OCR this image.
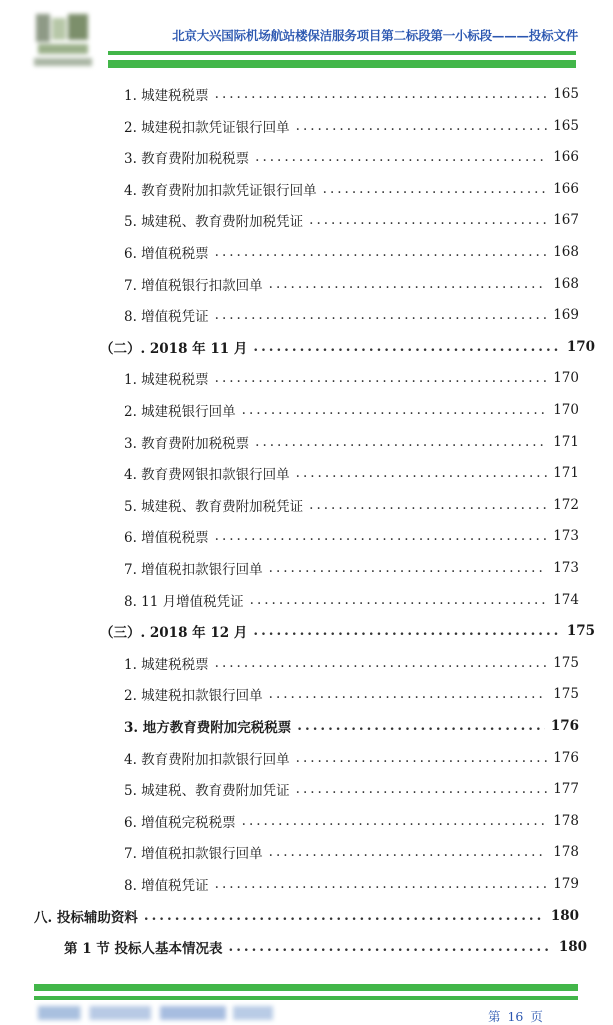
北京大兴国际机场航站楼保洁服务项目第二标段第一小标段———投标文件
1. 城建税税票 .....	165
2. 城建税扣款凭证银行回单 .....	165
3. 教育费附加税税票 .....	166
4. 教育费附加扣款凭证银行回单 .....	166
5. 城建税、教育费附加税凭证 .....	167
6. 增值税税票 .....	168
7. 增值税银行扣款回单 .....	168
8. 增值税凭证 .....	169
（二）. 2018 年 11 月 .....	170
1. 城建税税票 .....	170
2. 城建税银行回单 .....	170
3. 教育费附加税税票 .....	171
4. 教育费网银扣款银行回单 .....	171
5. 城建税、教育费附加税凭证 .....	172
6. 增值税税票 .....	173
7. 增值税扣款银行回单 .....	173
8. 11 月增值税凭证 .....	174
（三）. 2018 年 12 月 .....	175
1. 城建税税票 .....	175
2. 城建税扣款银行回单 .....	175
3. 地方教育费附加完税税票 .....	176
4. 教育费附加扣款银行回单 .....	176
5. 城建税、教育费附加凭证 .....	177
6. 增值税完税税票 .....	178
7. 增值税扣款银行回单 .....	178
8. 增值税凭证 .....	179
八. 投标辅助资料 .....	180
第 1 节 投标人基本情况表 .....	180
第 16 页
